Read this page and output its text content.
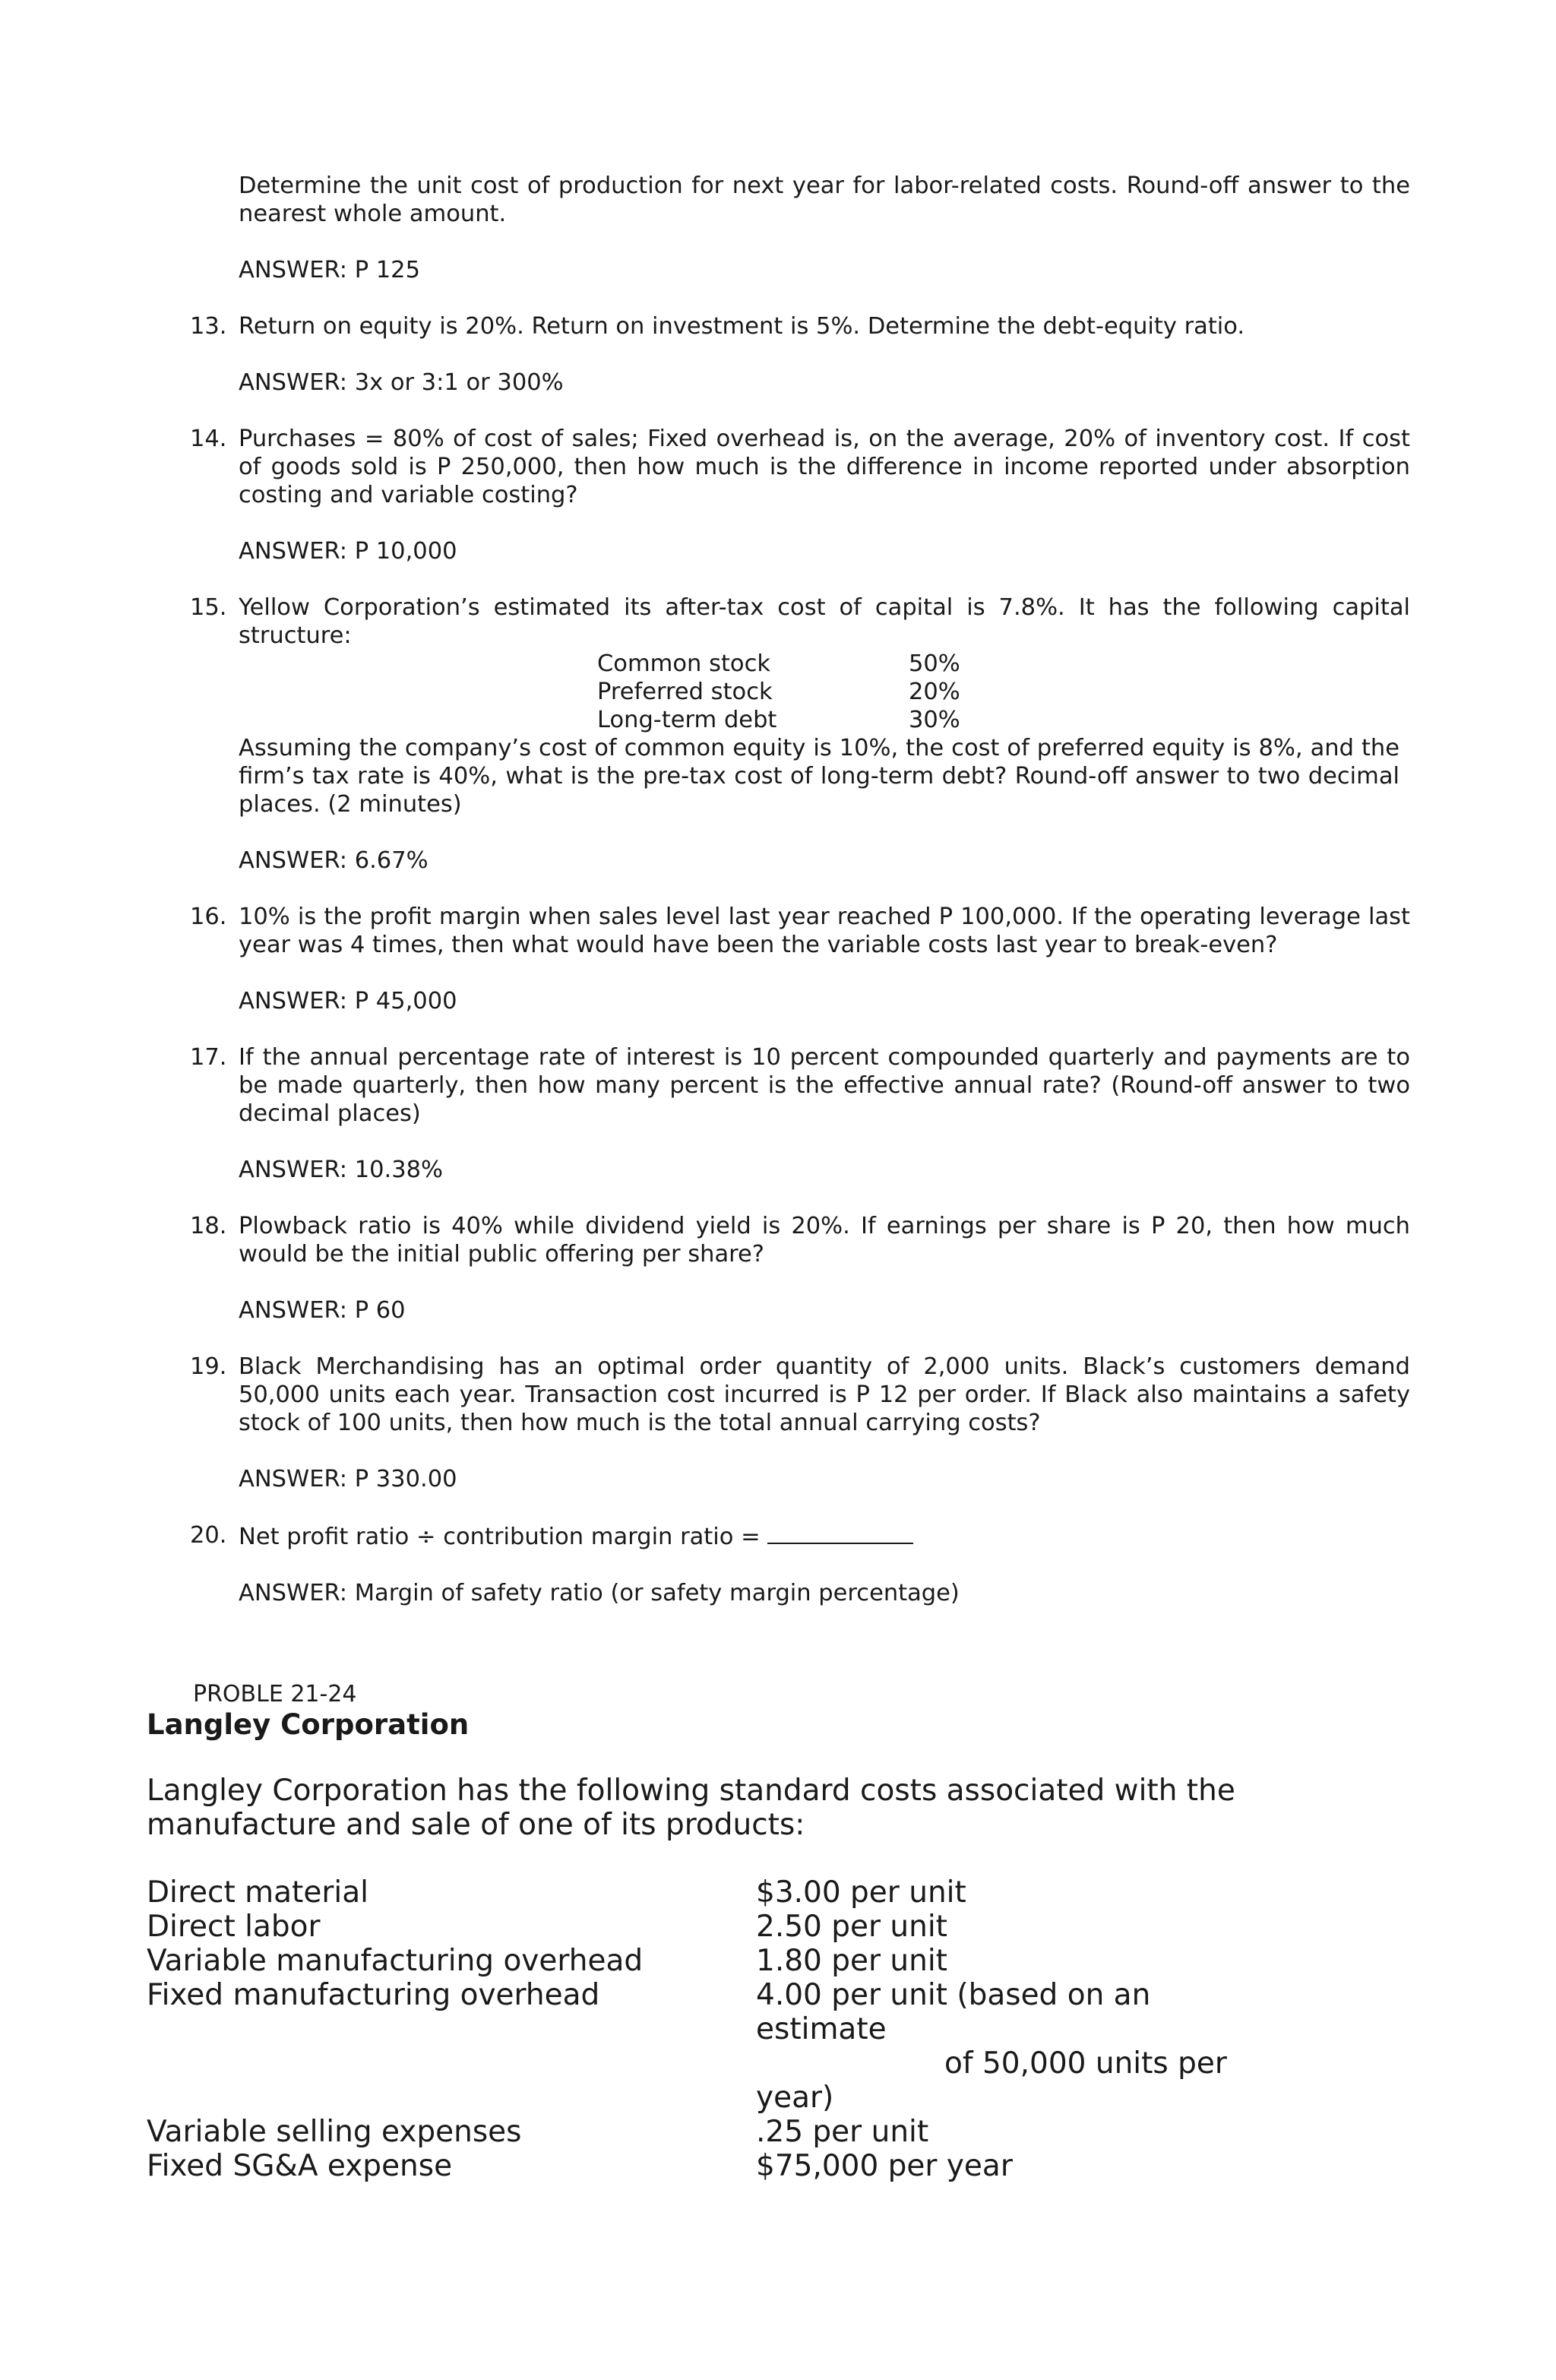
Determine the unit cost of production for next year for labor-related costs. Round-off answer to the nearest whole amount.

ANSWER: P 125

13. Return on equity is 20%. Return on investment is 5%. Determine the debt-equity ratio.

ANSWER: 3x or 3:1 or 300%

14. Purchases = 80% of cost of sales; Fixed overhead is, on the average, 20% of inventory cost. If cost of goods sold is P 250,000, then how much is the difference in income reported under absorption costing and variable costing?

ANSWER: P 10,000

15. Yellow Corporation’s estimated its after-tax cost of capital is 7.8%. It has the following capital structure:

Common stock	50%
Preferred stock	20%
Long-term debt	30%

Assuming the company’s cost of common equity is 10%, the cost of preferred equity is 8%, and the firm’s tax rate is 40%, what is the pre-tax cost of long-term debt? Round-off answer to two decimal places. (2 minutes)

ANSWER: 6.67%

16. 10% is the profit margin when sales level last year reached P 100,000. If the operating leverage last year was 4 times, then what would have been the variable costs last year to break-even?

ANSWER: P 45,000

17. If the annual percentage rate of interest is 10 percent compounded quarterly and payments are to be made quarterly, then how many percent is the effective annual rate? (Round-off answer to two decimal places)

ANSWER: 10.38%

18. Plowback ratio is 40% while dividend yield is 20%. If earnings per share is P 20, then how much would be the initial public offering per share?

ANSWER: P 60

19. Black Merchandising has an optimal order quantity of 2,000 units. Black’s customers demand 50,000 units each year. Transaction cost incurred is P 12 per order. If Black also maintains a safety stock of 100 units, then how much is the total annual carrying costs?

ANSWER: P 330.00

20. Net profit ratio ÷ contribution margin ratio =

ANSWER: Margin of safety ratio (or safety margin percentage)

PROBLE 21-24
Langley Corporation

Langley Corporation has the following standard costs associated with the manufacture and sale of one of its products:

Direct material	$3.00 per unit
Direct labor	2.50 per unit
Variable manufacturing overhead	1.80 per unit
Fixed manufacturing overhead	4.00 per unit (based on an estimate
of 50,000 units per
year)
Variable selling expenses	.25 per unit
Fixed SG&A expense	$75,000 per year
